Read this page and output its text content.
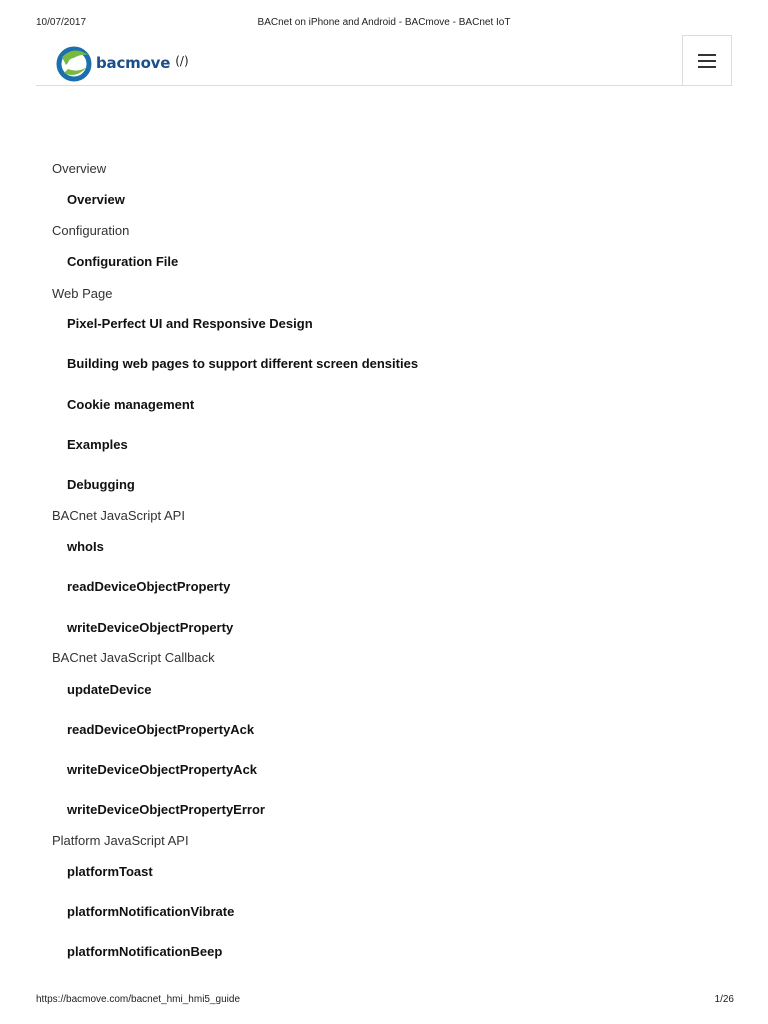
10/07/2017	BACnet on iPhone and Android - BACmove - BACnet IoT
bacmove (/)
Overview
Overview
Configuration
Configuration File
Web Page
Pixel-Perfect UI and Responsive Design
Building web pages to support different screen densities
Cookie management
Examples
Debugging
BACnet JavaScript API
whoIs
readDeviceObjectProperty
writeDeviceObjectProperty
BACnet JavaScript Callback
updateDevice
readDeviceObjectPropertyAck
writeDeviceObjectPropertyAck
writeDeviceObjectPropertyError
Platform JavaScript API
platformToast
platformNotificationVibrate
platformNotificationBeep
https://bacmove.com/bacnet_hmi_hmi5_guide	1/26
